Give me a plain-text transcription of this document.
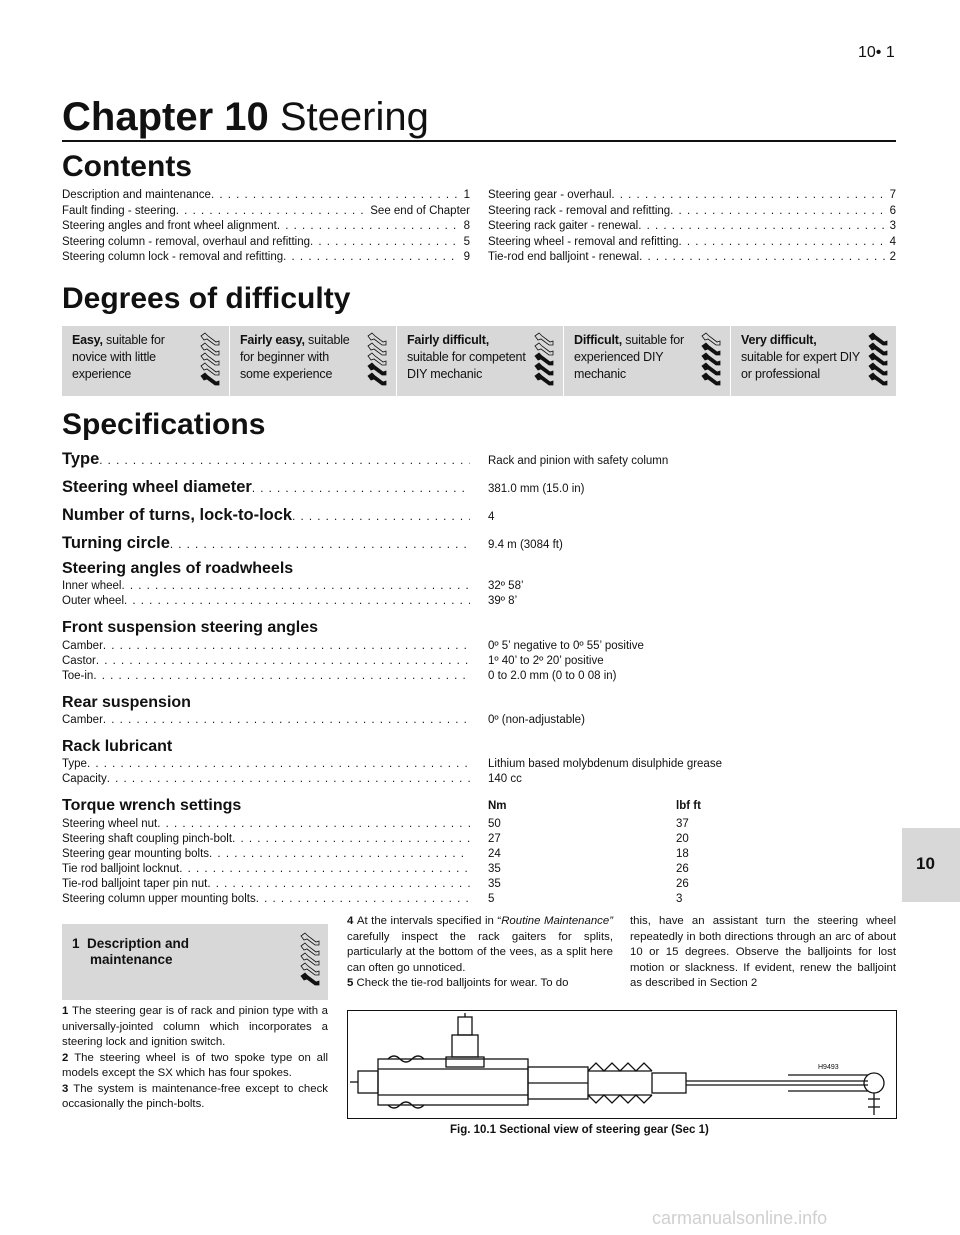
10• 1
Chapter 10 Steering
Contents
Description and maintenance . . .	1
Fault finding - steering . . .	See end of Chapter
Steering angles and front wheel alignment . . .	8
Steering column - removal, overhaul and refitting . . .	5
Steering column lock - removal and refitting . . .	9
Steering gear - overhaul . . .	7
Steering rack - removal and refitting . . .	6
Steering rack gaiter - renewal . . .	3
Steering wheel - removal and refitting . . .	4
Tie-rod end balljoint - renewal . . .	2
Degrees of difficulty
Easy, suitable for
novice with little
experience
Fairly easy, suitable
for beginner with
some experience
Fairly difficult,
suitable for competent
DIY mechanic
Difficult, suitable for
experienced DIY
mechanic
Very difficult,
suitable for expert DIY
or professional
Specifications
Type . . .	Rack and pinion with safety column
Steering wheel diameter . . .	381.0 mm (15.0 in)
Number of turns, lock-to-lock . . .	4
Turning circle . . .	9.4 m (3084 ft)
Steering angles of roadwheels
Inner wheel . . .	32º 58’
Outer wheel . . .	39º 8’
Front suspension steering angles
Camber . . .	0º 5’ negative to 0º 55’ positive
Castor . . .	1º 40’ to 2º 20’ positive
Toe-in . . .	0 to 2.0 mm (0 to 0 08 in)
Rear suspension
Camber . . .	0º (non-adjustable)
Rack lubricant
Type . . .	Lithium based molybdenum disulphide grease
Capacity . . .	140 cc
Torque wrench settings	Nm	lbf ft
Steering wheel nut . . .	50	37
Steering shaft coupling pinch-bolt . . .	27	20
Steering gear mounting bolts . . .	24	18
Tie rod balljoint locknut . . .	35	26
Tie-rod balljoint taper pin nut . . .	35	26
Steering column upper mounting bolts . . .	5	3
10
1 Description and
maintenance

1 The steering gear is of rack and pinion type with a universally-jointed column which incorporates a steering lock and ignition switch.

2 The steering wheel is of two spoke type on all models except the SX which has four spokes.

3 The system is maintenance-free except to check occasionally the pinch-bolts.

4 At the intervals specified in “Routine Maintenance” carefully inspect the rack gaiters for splits, particularly at the bottom of the vees, as a split here can often go unnoticed.

5 Check the tie-rod balljoints for wear. To do

this, have an assistant turn the steering wheel repeatedly in both directions through an arc of about 10 or 15 degrees. Observe the balljoints for lost motion or slackness. If evident, renew the balljoint as described in Section 2

H9493
Fig. 10.1 Sectional view of steering gear (Sec 1)
carmanualsonline.info
